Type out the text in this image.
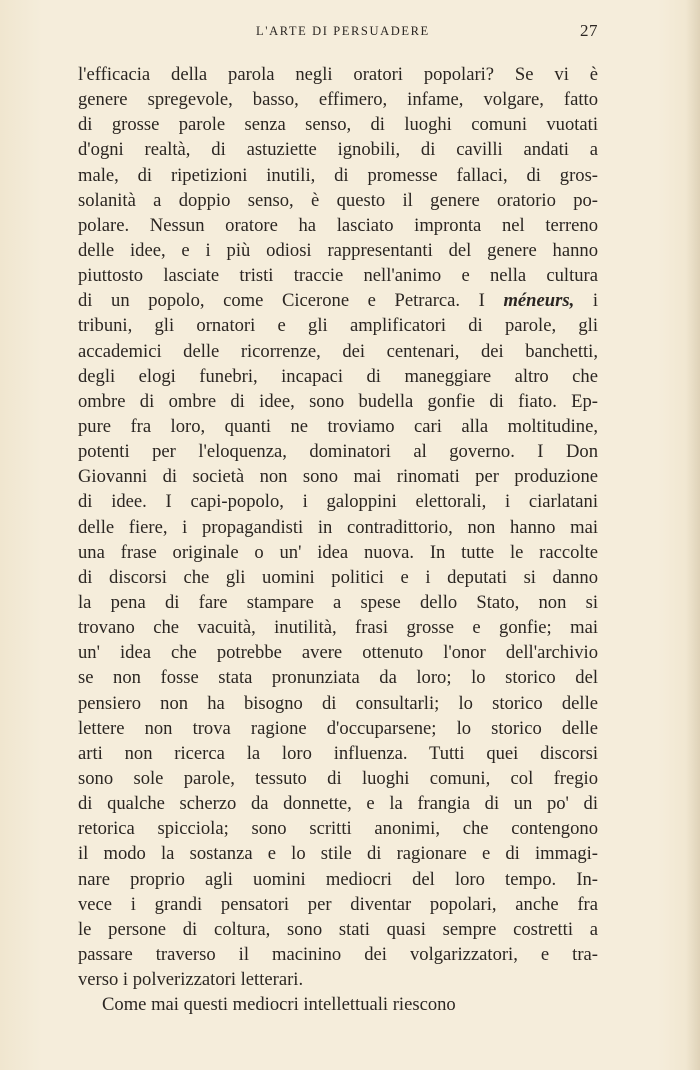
L'ARTE DI PERSUADERE	27
l'efficacia della parola negli oratori popolari? Se vi è
genere spregevole, basso, effimero, infame, volgare, fatto
di grosse parole senza senso, di luoghi comuni vuotati
d'ogni realtà, di astuziette ignobili, di cavilli andati a
male, di ripetizioni inutili, di promesse fallaci, di gros-
solanità a doppio senso, è questo il genere oratorio po-
polare. Nessun oratore ha lasciato impronta nel terreno
delle idee, e i più odiosi rappresentanti del genere hanno
piuttosto lasciate tristi traccie nell'animo e nella cultura
di un popolo, come Cicerone e Petrarca. I méneurs, i
tribuni, gli ornatori e gli amplificatori di parole, gli
accademici delle ricorrenze, dei centenari, dei banchetti,
degli elogi funebri, incapaci di maneggiare altro che
ombre di ombre di idee, sono budella gonfie di fiato. Ep-
pure fra loro, quanti ne troviamo cari alla moltitudine,
potenti per l'eloquenza, dominatori al governo. I Don
Giovanni di società non sono mai rinomati per produzione
di idee. I capi-popolo, i galoppini elettorali, i ciarlatani
delle fiere, i propagandisti in contradittorio, non hanno mai
una frase originale o un' idea nuova. In tutte le raccolte
di discorsi che gli uomini politici e i deputati si danno
la pena di fare stampare a spese dello Stato, non si
trovano che vacuità, inutilità, frasi grosse e gonfie; mai
un' idea che potrebbe avere ottenuto l'onor dell'archivio
se non fosse stata pronunziata da loro; lo storico del
pensiero non ha bisogno di consultarli; lo storico delle
lettere non trova ragione d'occuparsene; lo storico delle
arti non ricerca la loro influenza. Tutti quei discorsi
sono sole parole, tessuto di luoghi comuni, col fregio
di qualche scherzo da donnette, e la frangia di un po' di
retorica spicciola; sono scritti anonimi, che contengono
il modo la sostanza e lo stile di ragionare e di immagi-
nare proprio agli uomini mediocri del loro tempo. In-
vece i grandi pensatori per diventar popolari, anche fra
le persone di coltura, sono stati quasi sempre costretti a
passare traverso il macinino dei volgarizzatori, e tra-
verso i polverizzatori letterari.
Come mai questi mediocri intellettuali riescono
